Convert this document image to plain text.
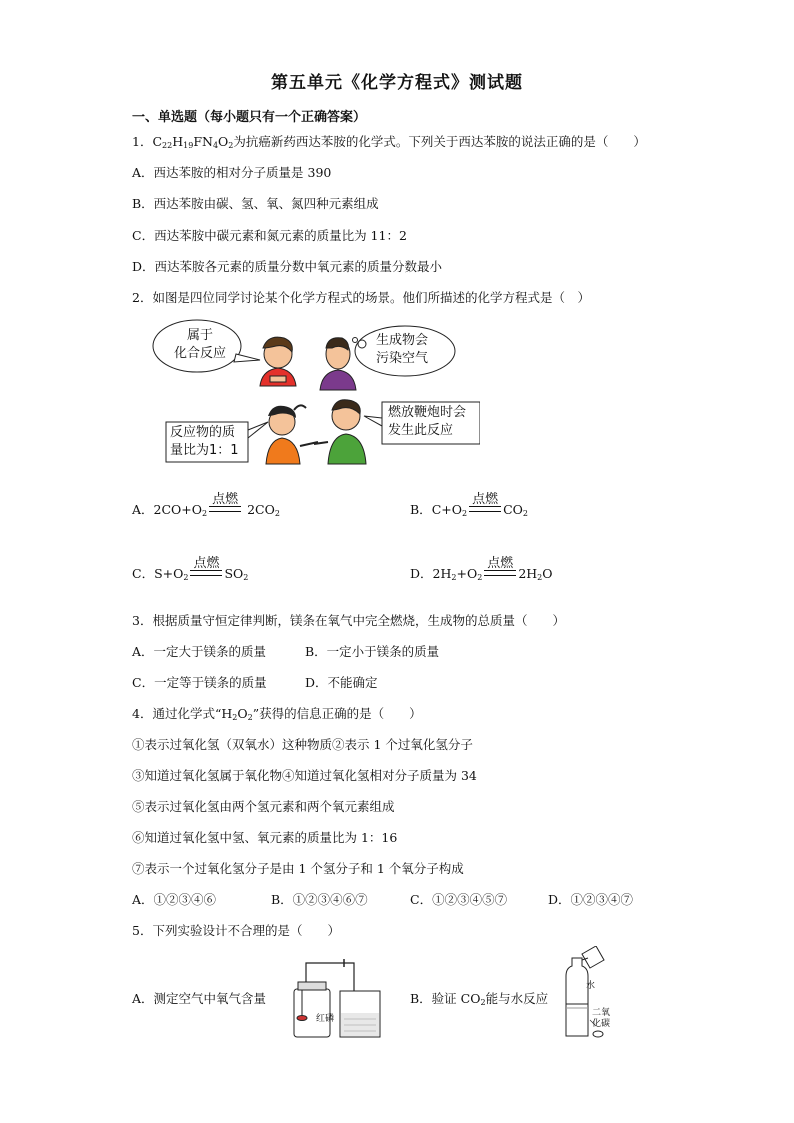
第五单元《化学方程式》测试题
一、单选题（每小题只有一个正确答案）
1．$C_{22}H_{19}FN_4O_2$为抗癌新药西达苯胺的化学式。下列关于西达苯胺的说法正确的是（　　）
A．西达苯胺的相对分子质量是 390
B．西达苯胺由碳、氢、氧、氮四种元素组成
C．西达苯胺中碳元素和氮元素的质量比为 11：2
D．西达苯胺各元素的质量分数中氧元素的质量分数最小
2．如图是四位同学讨论某个化学方程式的场景。他们所描述的化学方程式是（　）
属于
化合反应
生成物会
污染空气
反应物的质
量比为1：1
燃放鞭炮时会
发生此反应
A．$2CO+O_2$
点燃
$2CO_2$	B．$C+O_2$
点燃
$CO_2$
C．$S+O_2$
点燃
$SO_2$	D．$2H_2+O_2$
点燃
$2H_2O$
3．根据质量守恒定律判断，镁条在氧气中完全燃烧，生成物的总质量（　　）
A．一定大于镁条的质量	B．一定小于镁条的质量
C．一定等于镁条的质量	D．不能确定
4．通过化学式“$H_2O_2$”获得的信息正确的是（　　）
①表示过氧化氢（双氧水）这种物质②表示 1 个过氧化氢分子
③知道过氧化氢属于氧化物④知道过氧化氢相对分子质量为 34
⑤表示过氧化氢由两个氢元素和两个氧元素组成
⑥知道过氧化氢中氢、氧元素的质量比为 1：16
⑦表示一个过氧化氢分子是由 1 个氢分子和 1 个氧分子构成
A．①②③④⑥	B．①②③④⑥⑦	C．①②③④⑤⑦	D．①②③④⑦
5．下列实验设计不合理的是（　　）
A．测定空气中氧气含量
红磷
B．验证 $CO_2$能与水反应
水
二氧
化碳
